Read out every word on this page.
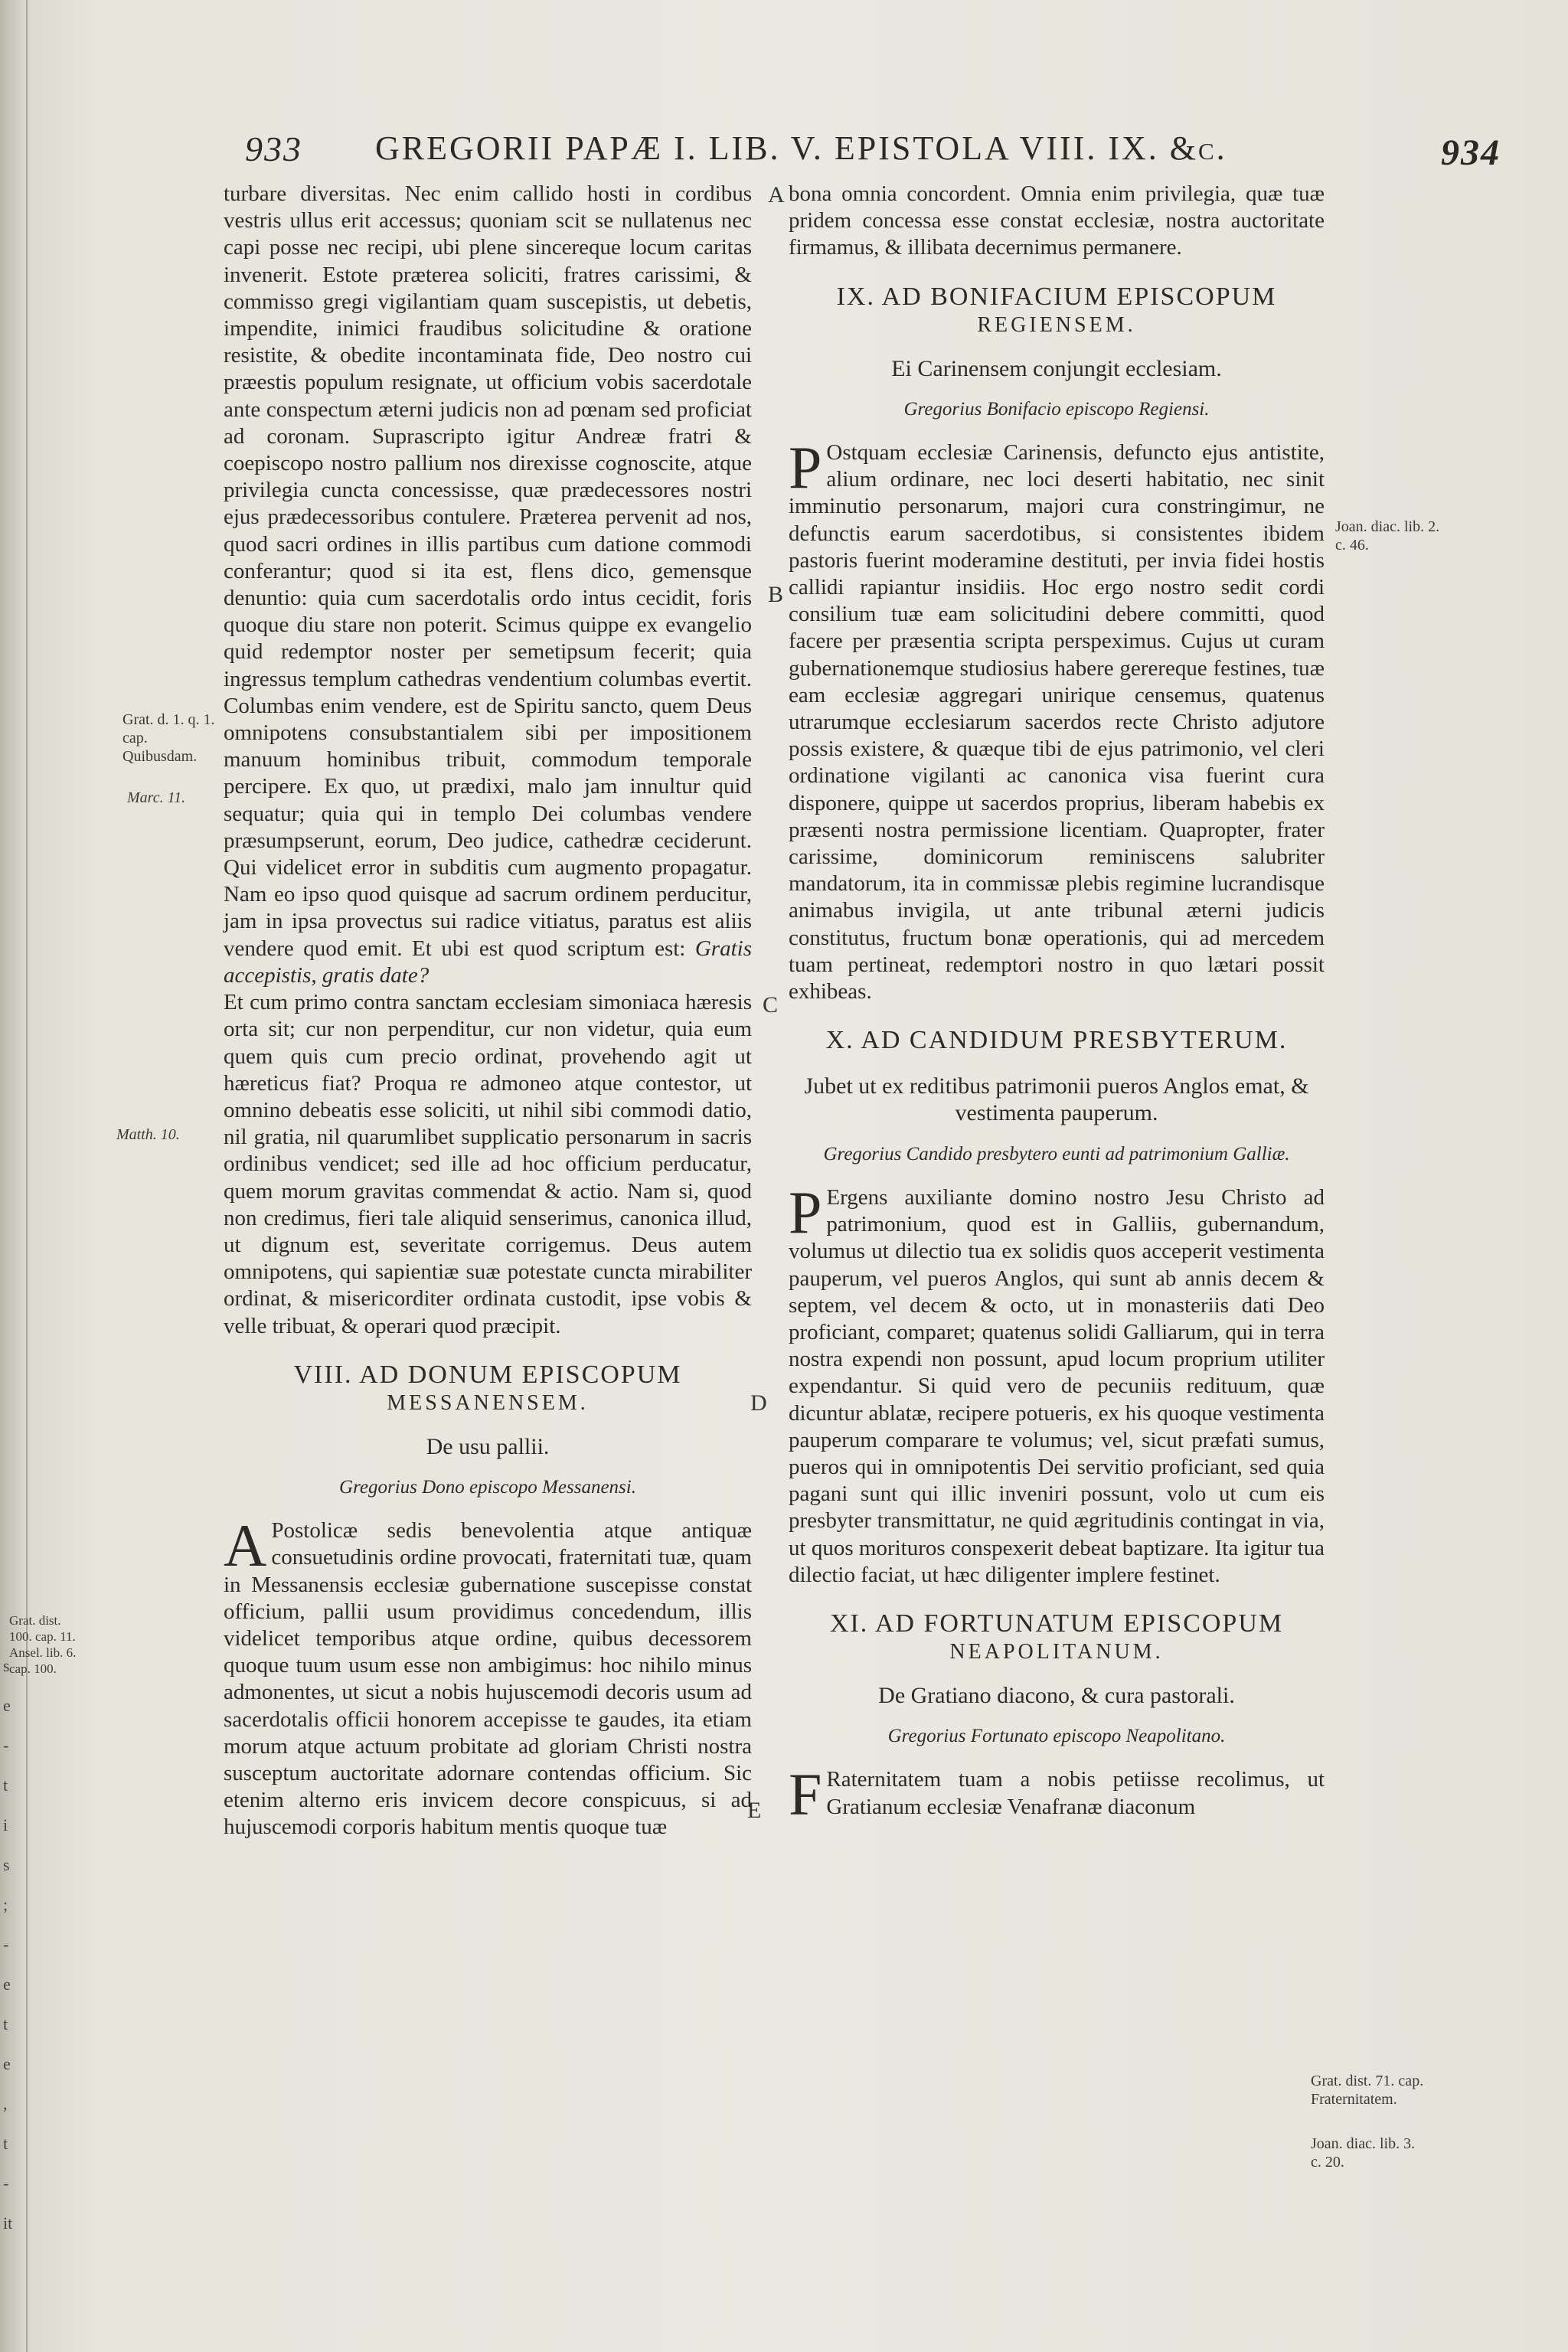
s
e
-
t
i
s
;
-
e
t
e
,
t
-
it
933 GREGORII PAPÆ I. LIB. V. EPISTOLA VIII. IX. &c.	934

turbare diversitas. Nec enim callido hosti in cordibus vestris ullus erit accessus; quoniam scit se nullatenus nec capi posse nec recipi, ubi plene sincereque locum caritas invenerit. Estote præterea soliciti, fratres carissimi, & commisso gregi vigilantiam quam suscepistis, ut debetis, impendite, inimici fraudibus solicitudine & oratione resistite, & obedite incontaminata fide, Deo nostro cui præestis populum resignate, ut officium vobis sacerdotale ante conspectum æterni judicis non ad pœnam sed proficiat ad coronam. Suprascripto igitur Andreæ fratri & coepiscopo nostro pallium nos direxisse cognoscite, atque privilegia cuncta concessisse, quæ prædecessores nostri ejus prædecessoribus contulere. Præterea pervenit ad nos, quod sacri ordines in illis partibus cum datione commodi conferantur; quod si ita est, flens dico, gemensque denuntio: quia cum sacerdotalis ordo intus cecidit, foris quoque diu stare non poterit. Scimus quippe ex evangelio quid redemptor noster per semetipsum fecerit; quia ingressus templum cathedras vendentium columbas evertit. Columbas enim vendere, est de Spiritu sancto, quem Deus omnipotens consubstantialem sibi per impositionem manuum hominibus tribuit, commodum temporale percipere. Ex quo, ut prædixi, malo jam innultur quid sequatur; quia qui in templo Dei columbas vendere præsumpserunt, eorum, Deo judice, cathedræ ceciderunt. Qui videlicet error in subditis cum augmento propagatur. Nam eo ipso quod quisque ad sacrum ordinem perducitur, jam in ipsa provectus sui radice vitiatus, paratus est aliis vendere quod emit. Et ubi est quod scriptum est: Gratis accepistis, gratis date?

Et cum primo contra sanctam ecclesiam simoniaca hæresis orta sit; cur non perpenditur, cur non videtur, quia eum quem quis cum precio ordinat, provehendo agit ut hæreticus fiat? Proqua re admoneo atque contestor, ut omnino debeatis esse soliciti, ut nihil sibi commodi datio, nil gratia, nil quarumlibet supplicatio personarum in sacris ordinibus vendicet; sed ille ad hoc officium perducatur, quem morum gravitas commendat & actio. Nam si, quod non credimus, fieri tale aliquid senserimus, canonica illud, ut dignum est, severitate corrigemus. Deus autem omnipotens, qui sapientiæ suæ potestate cuncta mirabiliter ordinat, & misericorditer ordinata custodit, ipse vobis & velle tribuat, & operari quod præcipit.

VIII. AD DONUM EPISCOPUM
MESSANENSEM.
De usu pallii.
Gregorius Dono episcopo Messanensi.

A Postolicæ sedis benevolentia atque antiquæ consuetudinis ordine provocati, fraternitati tuæ, quam in Messanensis ecclesiæ gubernatione suscepisse constat officium, pallii usum providimus concedendum, illis videlicet temporibus atque ordine, quibus decessorem quoque tuum usum esse non ambigimus: hoc nihilo minus admonentes, ut sicut a nobis hujuscemodi decoris usum ad sacerdotalis officii honorem accepisse te gaudes, ita etiam morum atque actuum probitate ad gloriam Christi nostra susceptum auctoritate adornare contendas officium. Sic etenim alterno eris invicem decore conspicuus, si ad hujuscemodi corporis habitum mentis quoque tuæ

bona omnia concordent. Omnia enim privilegia, quæ tuæ pridem concessa esse constat ecclesiæ, nostra auctoritate firmamus, & illibata decernimus permanere.

IX. AD BONIFACIUM EPISCOPUM
REGIENSEM.
Ei Carinensem conjungit ecclesiam.
Gregorius Bonifacio episcopo Regiensi.

P Ostquam ecclesiæ Carinensis, defuncto ejus antistite, alium ordinare, nec loci deserti habitatio, nec sinit imminutio personarum, majori cura constringimur, ne defunctis earum sacerdotibus, si consistentes ibidem pastoris fuerint moderamine destituti, per invia fidei hostis callidi rapiantur insidiis. Hoc ergo nostro sedit cordi consilium tuæ eam solicitudini debere committi, quod facere per præsentia scripta perspeximus. Cujus ut curam gubernationemque studiosius habere gerereque festines, tuæ eam ecclesiæ aggregari unirique censemus, quatenus utrarumque ecclesiarum sacerdos recte Christo adjutore possis existere, & quæque tibi de ejus patrimonio, vel cleri ordinatione vigilanti ac canonica visa fuerint cura disponere, quippe ut sacerdos proprius, liberam habebis ex præsenti nostra permissione licentiam. Quapropter, frater carissime, dominicorum reminiscens salubriter mandatorum, ita in commissæ plebis regimine lucrandisque animabus invigila, ut ante tribunal æterni judicis constitutus, fructum bonæ operationis, qui ad mercedem tuam pertineat, redemptori nostro in quo lætari possit exhibeas.

X. AD CANDIDUM PRESBYTERUM.
Jubet ut ex reditibus patrimonii pueros Anglos emat, & vestimenta pauperum.
Gregorius Candido presbytero eunti ad patrimonium Galliæ.

P Ergens auxiliante domino nostro Jesu Christo ad patrimonium, quod est in Galliis, gubernandum, volumus ut dilectio tua ex solidis quos acceperit vestimenta pauperum, vel pueros Anglos, qui sunt ab annis decem & septem, vel decem & octo, ut in monasteriis dati Deo proficiant, comparet; quatenus solidi Galliarum, qui in terra nostra expendi non possunt, apud locum proprium utiliter expendantur. Si quid vero de pecuniis redituum, quæ dicuntur ablatæ, recipere potueris, ex his quoque vestimenta pauperum comparare te volumus; vel, sicut præfati sumus, pueros qui in omnipotentis Dei servitio proficiant, sed quia pagani sunt qui illic inveniri possunt, volo ut cum eis presbyter transmittatur, ne quid ægritudinis contingat in via, ut quos morituros conspexerit debeat baptizare. Ita igitur tua dilectio faciat, ut hæc diligenter implere festinet.

XI. AD FORTUNATUM EPISCOPUM
NEAPOLITANUM.
De Gratiano diacono, & cura pastorali.
Gregorius Fortunato episcopo Neapolitano.

F Raternitatem tuam a nobis petiisse recolimus, ut Gratianum ecclesiæ Venafranæ diaconum

A
B
C
D
E
Grat. d. 1. q. 1. cap. Quibusdam.
Marc. 11.
Matth. 10.
Grat. dist. 100. cap. 11. Ansel. lib. 6. cap. 100.
Joan. diac. lib. 2. c. 46.
Grat. dist. 71. cap. Fraternitatem.
Joan. diac. lib. 3. c. 20.
